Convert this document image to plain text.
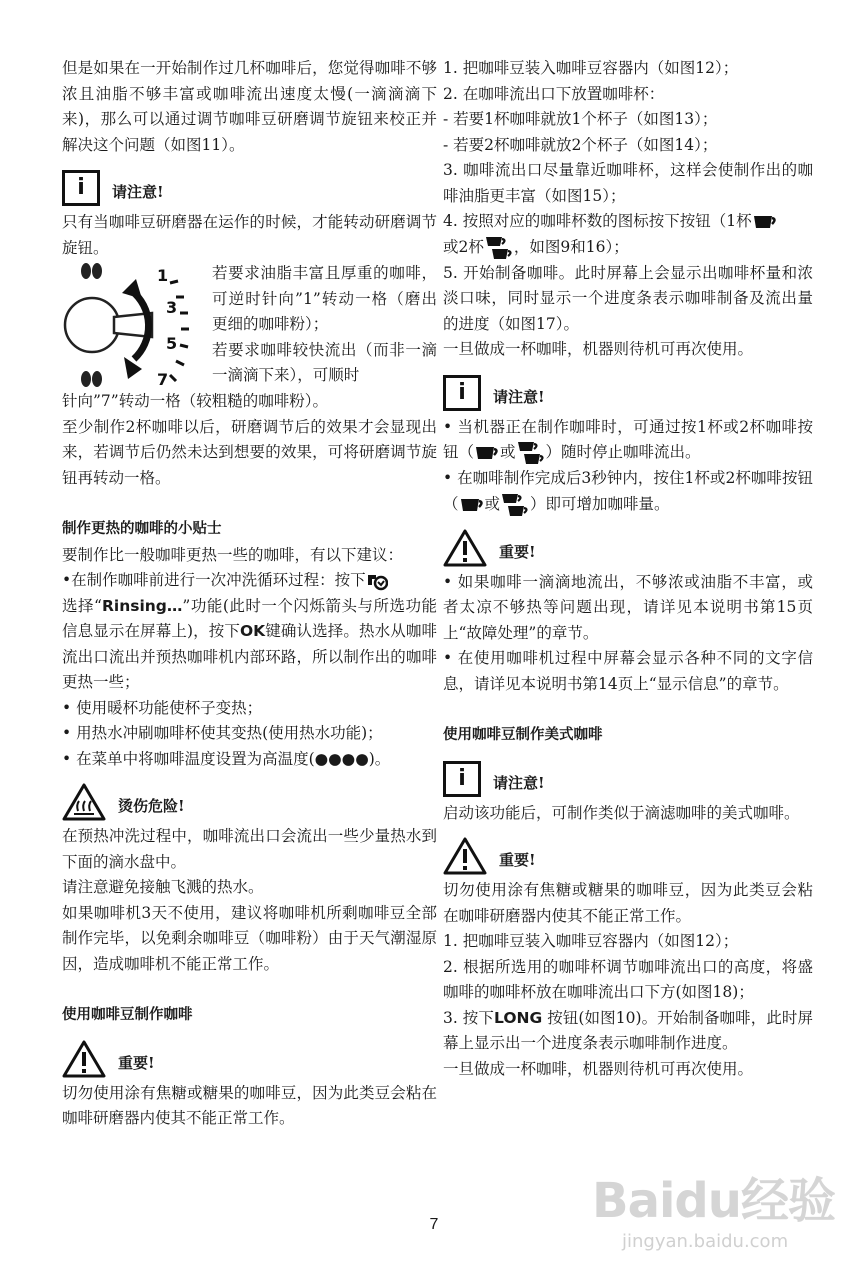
但是如果在一开始制作过几杯咖啡后，您觉得咖啡不够浓且油脂不够丰富或咖啡流出速度太慢(一滴滴滴下来)，那么可以通过调节咖啡豆研磨调节旋钮来校正并解决这个问题（如图11）。

i 请注意!

只有当咖啡豆研磨器在运作的时候，才能转动研磨调节旋钮。

1
3
5
7

若要求油脂丰富且厚重的咖啡，可逆时针向”1”转动一格（磨出更细的咖啡粉）；

若要求咖啡较快流出（而非一滴一滴滴下来），可顺时

针向”7”转动一格（较粗糙的咖啡粉）。

至少制作2杯咖啡以后，研磨调节后的效果才会显现出来，若调节后仍然未达到想要的效果，可将研磨调节旋钮再转动一格。

制作更热的咖啡的小贴士

要制作比一般咖啡更热一些的咖啡，有以下建议：

•在制作咖啡前进行一次冲洗循环过程：按下
选择“Rinsing…”功能(此时一个闪烁箭头与所选功能信息显示在屏幕上)，按下OK键确认选择。热水从咖啡流出口流出并预热咖啡机内部环路，所以制作出的咖啡更热一些；

• 使用暖杯功能使杯子变热；

• 用热水冲刷咖啡杯使其变热(使用热水功能)；

• 在菜单中将咖啡温度设置为高温度(●●●●)。

烫伤危险!

在预热冲洗过程中，咖啡流出口会流出一些少量热水到下面的滴水盘中。

请注意避免接触飞溅的热水。

如果咖啡机3天不使用，建议将咖啡机所剩咖啡豆全部制作完毕，以免剩余咖啡豆（咖啡粉）由于天气潮湿原因，造成咖啡机不能正常工作。

使用咖啡豆制作咖啡

重要!

切勿使用涂有焦糖或糖果的咖啡豆，因为此类豆会粘在咖啡研磨器内使其不能正常工作。

1. 把咖啡豆装入咖啡豆容器内（如图12）；

2. 在咖啡流出口下放置咖啡杯：

- 若要1杯咖啡就放1个杯子（如图13）；

- 若要2杯咖啡就放2个杯子（如图14）；

3. 咖啡流出口尽量靠近咖啡杯，这样会使制作出的咖啡油脂更丰富（如图15）；

4. 按照对应的咖啡杯数的图标按下按钮（1杯
或2杯 ，如图9和16）；

5. 开始制备咖啡。此时屏幕上会显示出咖啡杯量和浓淡口味，同时显示一个进度条表示咖啡制备及流出量的进度（如图17）。

一旦做成一杯咖啡，机器则待机可再次使用。

i 请注意!

• 当机器正在制作咖啡时，可通过按1杯或2杯咖啡按钮（ 或 ）随时停止咖啡流出。

• 在咖啡制作完成后3秒钟内，按住1杯或2杯咖啡按钮（ 或 ）即可增加咖啡量。

重要!

• 如果咖啡一滴滴地流出，不够浓或油脂不丰富，或者太凉不够热等问题出现，请详见本说明书第15页上“故障处理”的章节。

• 在使用咖啡机过程中屏幕会显示各种不同的文字信息，请详见本说明书第14页上“显示信息”的章节。

使用咖啡豆制作美式咖啡

i 请注意!

启动该功能后，可制作类似于滴滤咖啡的美式咖啡。

重要!

切勿使用涂有焦糖或糖果的咖啡豆，因为此类豆会粘在咖啡研磨器内使其不能正常工作。

1. 把咖啡豆装入咖啡豆容器内（如图12）；

2. 根据所选用的咖啡杯调节咖啡流出口的高度，将盛咖啡的咖啡杯放在咖啡流出口下方(如图18)；

3. 按下LONG 按钮(如图10)。开始制备咖啡，此时屏幕上显示出一个进度条表示咖啡制作进度。

一旦做成一杯咖啡，机器则待机可再次使用。

7	Baidu经验
jingyan.baidu.com
